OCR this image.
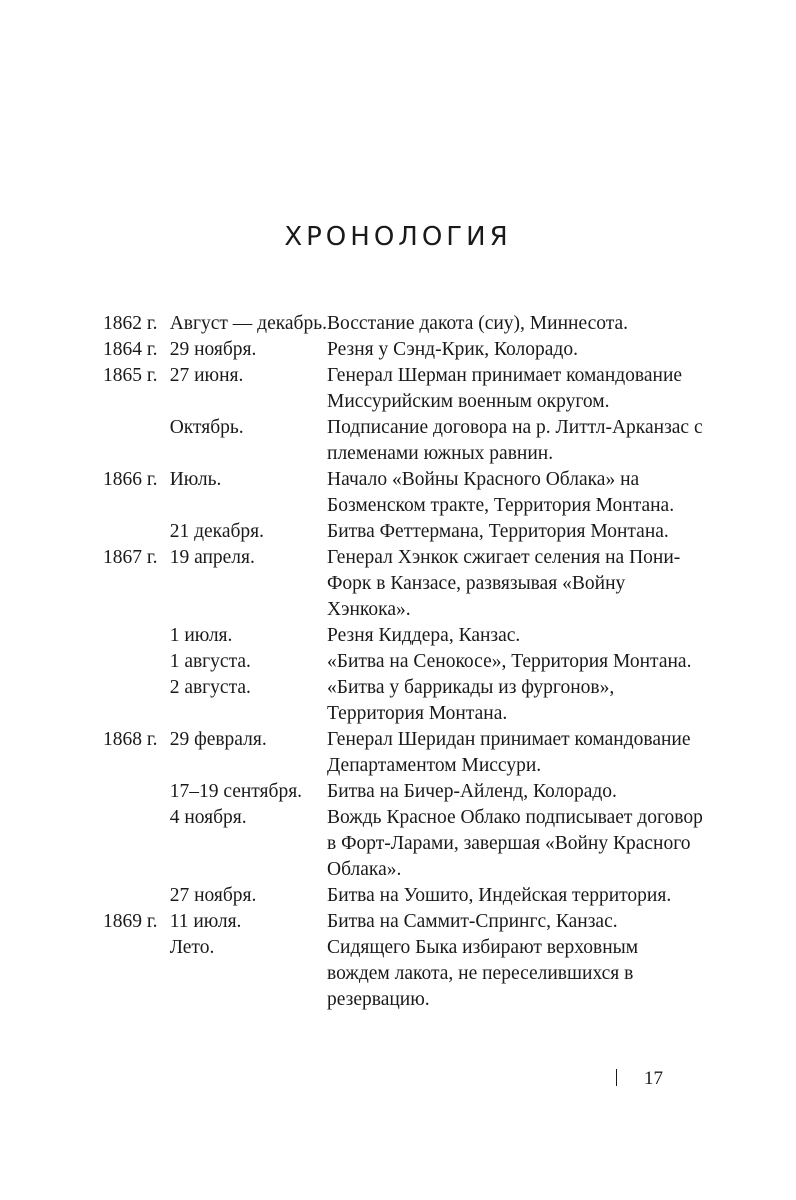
ХРОНОЛОГИЯ
1862 г.	Август — декабрь.	Восстание дакота (сиу), Миннесота.
1864 г.	29 ноября.	Резня у Сэнд-Крик, Колорадо.
1865 г.	27 июня.	Генерал Шерман принимает командование Миссурийским военным округом.
	Октябрь.	Подписание договора на р. Литтл-Арканзас с племенами южных равнин.
1866 г.	Июль.	Начало «Войны Красного Облака» на Бозменском тракте, Территория Монтана.
	21 декабря.	Битва Феттермана, Территория Монтана.
1867 г.	19 апреля.	Генерал Хэнкок сжигает селения на Пони-Форк в Канзасе, развязывая «Войну Хэнкока».
	1 июля.	Резня Киддера, Канзас.
	1 августа.	«Битва на Сенокосе», Территория Монтана.
	2 августа.	«Битва у баррикады из фургонов», Территория Монтана.
1868 г.	29 февраля.	Генерал Шеридан принимает командование Департаментом Миссури.
	17–19 сентября.	Битва на Бичер-Айленд, Колорадо.
	4 ноября.	Вождь Красное Облако подписывает договор в Форт-Ларами, завершая «Войну Красного Облака».
	27 ноября.	Битва на Уошито, Индейская территория.
1869 г.	11 июля.	Битва на Саммит-Спрингс, Канзас.
	Лето.	Сидящего Быка избирают верховным вождем лакота, не переселившихся в резервацию.
17
